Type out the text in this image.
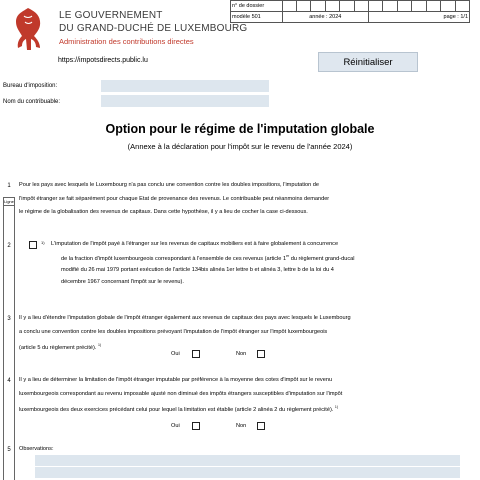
LE GOUVERNEMENT
DU GRAND-DUCHÉ DE LUXEMBOURG
Administration des contributions directes
n° de dossier													
modèle 501	année : 2024						page : 1/1						
https://impotsdirects.public.lu	Réinitialiser
Bureau d'imposition:
Nom du contribuable:
Option pour le régime de l'imputation globale
(Annexe à la déclaration pour l'impôt sur le revenu de l'année 2024)
Ligne
1	Pour les pays avec lesquels le Luxembourg n'a pas conclu une convention contre les doubles impositions, l'imputation de
l'impôt étranger se fait séparément pour chaque Etat de provenance des revenus. Le contribuable peut néanmoins demander
le régime de la globalisation des revenus de capitaux. Dans cette hypothèse, il y a lieu de cocher la case ci-dessous.
2
1) L'imputation de l'impôt payé à l'étranger sur les revenus de capitaux mobiliers est à faire globalement à concurrence
de la fraction d'impôt luxembourgeois correspondant à l'ensemble de ces revenus (article 1er du règlement grand-ducal
modifié du 26 mai 1979 portant exécution de l'article 134bis alinéa 1er lettre b et alinéa 3, lettre b de la loi du 4
décembre 1967 concernant l'impôt sur le revenu).
3	Il y a lieu d'étendre l'imputation globale de l'impôt étranger également aux revenus de capitaux des pays avec lesquels le Luxembourg
a conclu une convention contre les doubles impositions prévoyant l'imputation de l'impôt étranger sur l'impôt luxembourgeois
(article 5 du règlement précité). $^{1)}$
Oui	Non
4	Il y a lieu de déterminer la limitation de l'impôt étranger imputable par préférence à la moyenne des cotes d'impôt sur le revenu
luxembourgeois correspondant au revenu imposable ajusté non diminué des impôts étrangers susceptibles d'imputation sur l'impôt
luxembourgeois des deux exercices précédant celui pour lequel la limitation est établie (article 2 alinéa 2 du règlement précité). $^{1)}$
Oui	Non
5	Observations:
